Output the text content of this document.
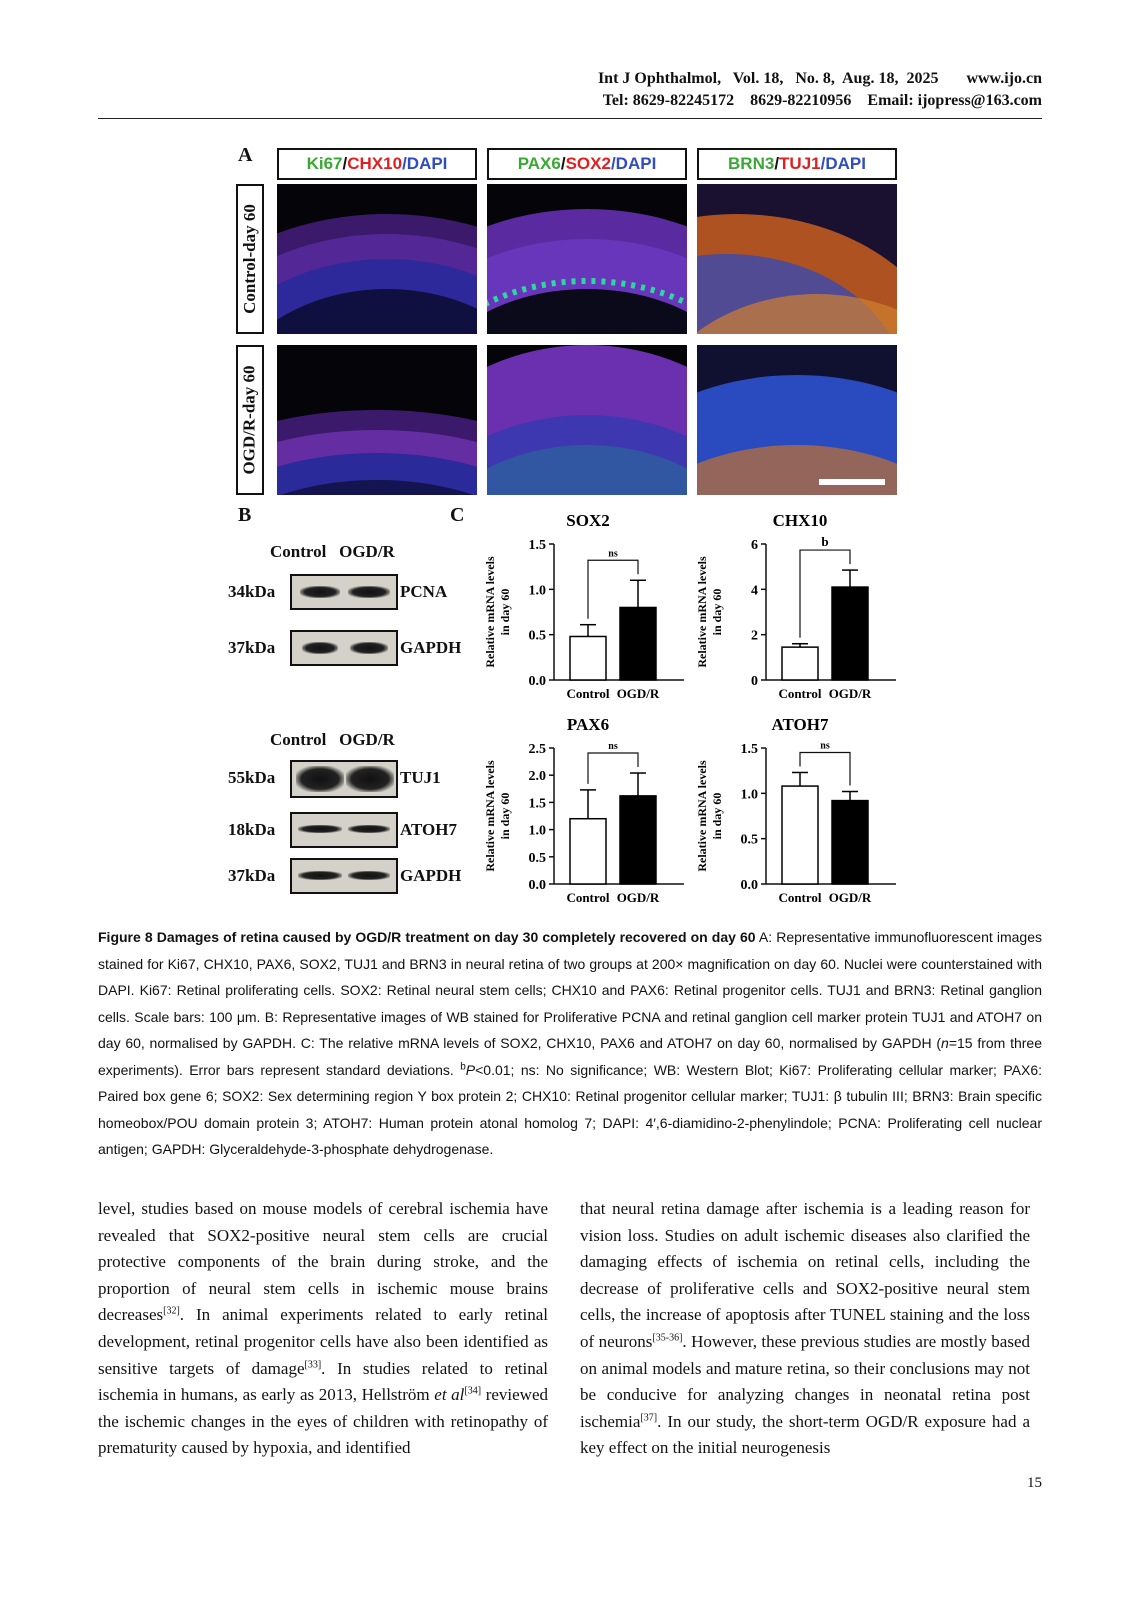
Int J Ophthalmol,   Vol. 18,   No. 8,  Aug. 18,  2025       www.ijo.cn
Tel: 8629-82245172    8629-82210956    Email: ijopress@163.com
A	Ki67/CHX10/DAPI	PAX6/SOX2/DAPI	BRN3/TUJ1/DAPI
Control-day 60
OGD/R-day 60
B
Control   OGD/R
34kDa	PCNA
37kDa	GAPDH
Control   OGD/R
55kDa	TUJ1
18kDa	ATOH7
37kDa	GAPDH
C	SOX2
Relative mRNA levels in day 60
0.0
0.5
1.0
1.5
Control OGD/R
ns
CHX10
Relative mRNA levels in day 60
0
2
4
6
Control OGD/R
b
PAX6
Relative mRNA levels in day 60
0.0
0.5
1.0
1.5
2.0
2.5
Control OGD/R
ns
ATOH7
Relative mRNA levels in day 60
0.0
0.5
1.0
1.5
Control OGD/R
ns
Figure 8 Damages of retina caused by OGD/R treatment on day 30 completely recovered on day 60 A: Representative immunofluorescent images stained for Ki67, CHX10, PAX6, SOX2, TUJ1 and BRN3 in neural retina of two groups at 200× magnification on day 60. Nuclei were counterstained with DAPI. Ki67: Retinal proliferating cells. SOX2: Retinal neural stem cells; CHX10 and PAX6: Retinal progenitor cells. TUJ1 and BRN3: Retinal ganglion cells. Scale bars: 100 μm. B: Representative images of WB stained for Proliferative PCNA and retinal ganglion cell marker protein TUJ1 and ATOH7 on day 60, normalised by GAPDH. C: The relative mRNA levels of SOX2, CHX10, PAX6 and ATOH7 on day 60, normalised by GAPDH (n=15 from three experiments). Error bars represent standard deviations. $^b$P<0.01; ns: No significance; WB: Western Blot; Ki67: Proliferating cellular marker; PAX6: Paired box gene 6; SOX2: Sex determining region Y box protein 2; CHX10: Retinal progenitor cellular marker; TUJ1: β tubulin III; BRN3: Brain specific homeobox/POU domain protein 3; ATOH7: Human protein atonal homolog 7; DAPI: 4′,6-diamidino-2-phenylindole; PCNA: Proliferating cell nuclear antigen; GAPDH: Glyceraldehyde-3-phosphate dehydrogenase.

level, studies based on mouse models of cerebral ischemia have revealed that SOX2-positive neural stem cells are crucial protective components of the brain during stroke, and the proportion of neural stem cells in ischemic mouse brains decreases[32]. In animal experiments related to early retinal development, retinal progenitor cells have also been identified as sensitive targets of damage[33]. In studies related to retinal ischemia in humans, as early as 2013, Hellström et al[34] reviewed the ischemic changes in the eyes of children with retinopathy of prematurity caused by hypoxia, and identified

that neural retina damage after ischemia is a leading reason for vision loss. Studies on adult ischemic diseases also clarified the damaging effects of ischemia on retinal cells, including the decrease of proliferative cells and SOX2-positive neural stem cells, the increase of apoptosis after TUNEL staining and the loss of neurons[35-36]. However, these previous studies are mostly based on animal models and mature retina, so their conclusions may not be conducive for analyzing changes in neonatal retina post ischemia[37]. In our study, the short-term OGD/R exposure had a key effect on the initial neurogenesis

15
